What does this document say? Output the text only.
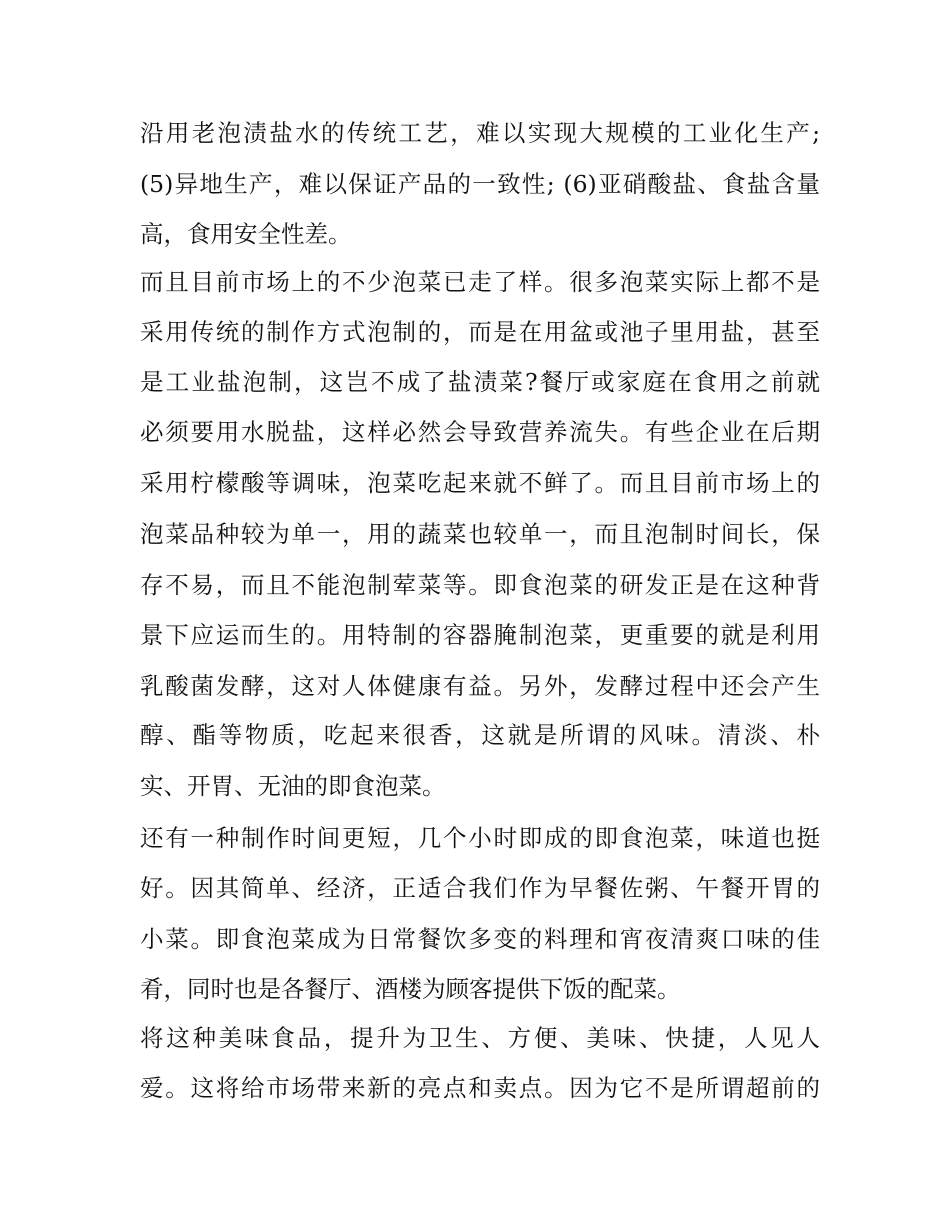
沿用老泡渍盐水的传统工艺，难以实现大规模的工业化生产;
(5)异地生产，难以保证产品的一致性; (6)亚硝酸盐、食盐含量
高，食用安全性差。
而且目前市场上的不少泡菜已走了样。很多泡菜实际上都不是
采用传统的制作方式泡制的，而是在用盆或池子里用盐，甚至
是工业盐泡制，这岂不成了盐渍菜?餐厅或家庭在食用之前就
必须要用水脱盐，这样必然会导致营养流失。有些企业在后期
采用柠檬酸等调味，泡菜吃起来就不鲜了。而且目前市场上的
泡菜品种较为单一，用的蔬菜也较单一，而且泡制时间长，保
存不易，而且不能泡制荤菜等。即食泡菜的研发正是在这种背
景下应运而生的。用特制的容器腌制泡菜，更重要的就是利用
乳酸菌发酵，这对人体健康有益。另外，发酵过程中还会产生
醇、酯等物质，吃起来很香，这就是所谓的风味。清淡、朴
实、开胃、无油的即食泡菜。
还有一种制作时间更短，几个小时即成的即食泡菜，味道也挺
好。因其简单、经济，正适合我们作为早餐佐粥、午餐开胃的
小菜。即食泡菜成为日常餐饮多变的料理和宵夜清爽口味的佳
肴，同时也是各餐厅、酒楼为顾客提供下饭的配菜。
将这种美味食品，提升为卫生、方便、美味、快捷，人见人
爱。这将给市场带来新的亮点和卖点。因为它不是所谓超前的
